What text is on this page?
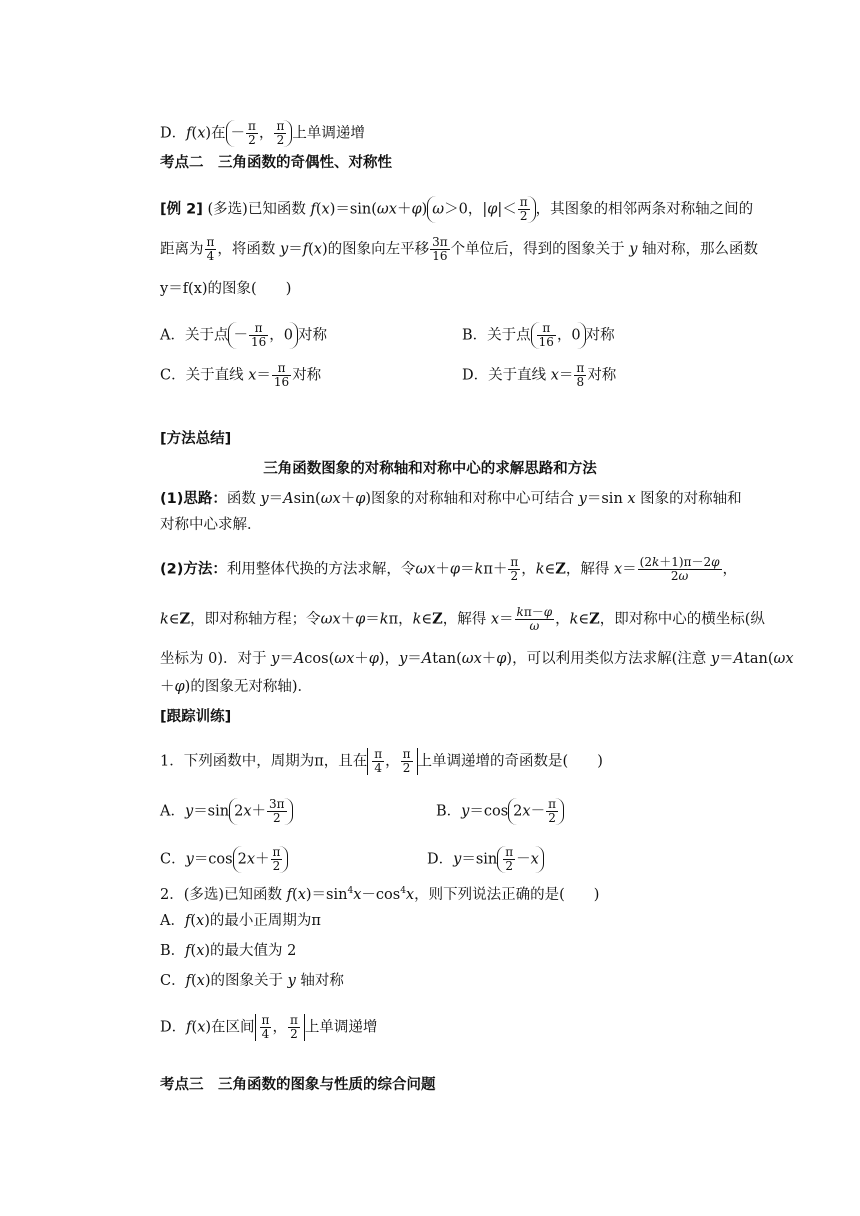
D．f(x)在 － $\frac{\pi}{2}$ ， $\frac{\pi}{2}$ 上单调递增
考点二　三角函数的奇偶性、对称性
[例 2] (多选)已知函数 f(x)＝sin(ωx＋φ) ω＞0，$|\varphi|< \frac{\pi}{2}$ ，其图象的相邻两条对称轴之间的
距离为 $\frac{\pi}{4}$ ，将函数 y＝f(x)的图象向左平移 $\frac{3\pi}{16}$ 个单位后，得到的图象关于 y 轴对称，那么函数
y＝f(x)的图象(　　)
A．关于点 － $\frac{\pi}{16}$ ，0 对称	B．关于点 $\frac{\pi}{16}$ ，0 对称
C．关于直线 $x= \frac{\pi}{16}$ 对称	D．关于直线 $x= \frac{\pi}{8}$ 对称
[方法总结]
三角函数图象的对称轴和对称中心的求解思路和方法
(1)思路：函数 y＝Asin(ωx＋φ)图象的对称轴和对称中心可结合 y＝sin x 图象的对称轴和
对称中心求解．
(2)方法：利用整体代换的方法求解，令$\omega x+\varphi=k\pi+ \frac{\pi}{2}$ ，k∈Z，解得 $x= \frac{(2k+1)\pi-2\varphi}{2\omega}$ ，
k∈Z，即对称轴方程；令ωx＋φ＝kπ，k∈Z，解得 $x= \frac{k\pi-\varphi}{\omega}$ ，k∈Z，即对称中心的横坐标(纵
坐标为 0)．对于 y＝Acos(ωx＋φ)，y＝Atan(ωx＋φ)，可以利用类似方法求解(注意 y＝Atan(ωx
＋φ)的图象无对称轴)．
[跟踪训练]
1．下列函数中，周期为π，且在 $\frac{\pi}{4}$ ， $\frac{\pi}{2}$ 上单调递增的奇函数是(　　)
A．y＝sin $2x+ \frac{3\pi}{2}$	B．y＝cos $2x- \frac{\pi}{2}$
C．y＝cos $2x+ \frac{\pi}{2}$	D．$y=\sin \frac{\pi}{2} -x$
2．(多选)已知函数 $f(x)=\sin^4x-\cos^4x$，则下列说法正确的是(　　)
A．f(x)的最小正周期为π
B．f(x)的最大值为 2
C．f(x)的图象关于 y 轴对称
D．f(x)在区间 $\frac{\pi}{4}$ ， $\frac{\pi}{2}$ 上单调递增
考点三　三角函数的图象与性质的综合问题
